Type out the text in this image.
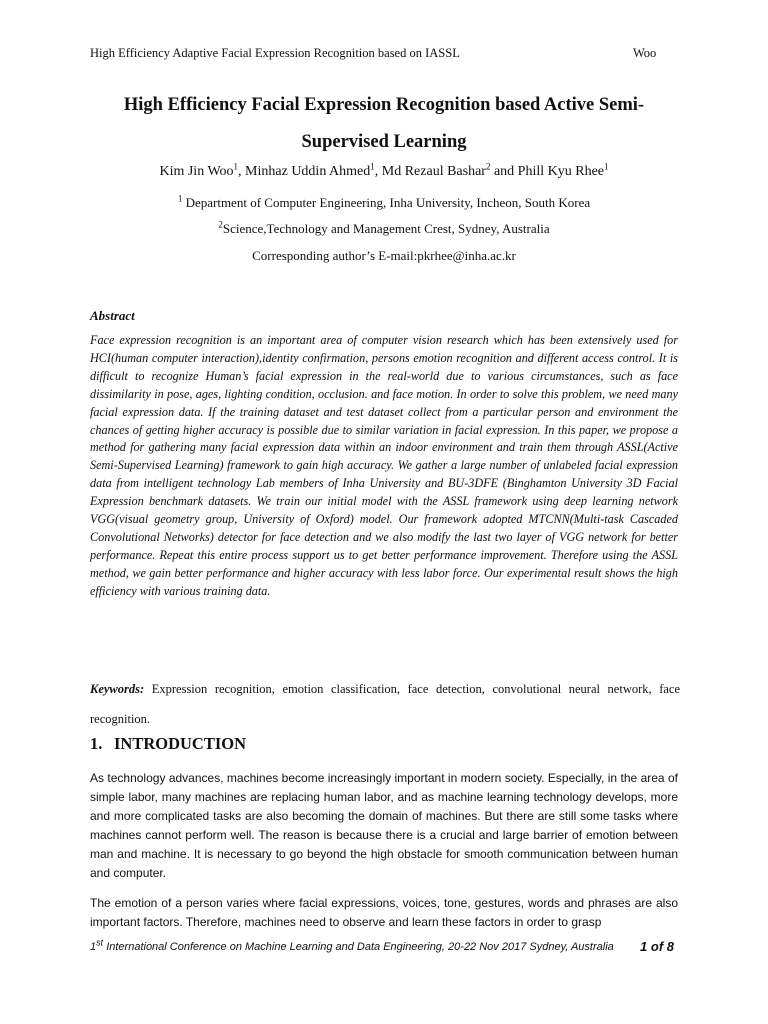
High Efficiency Adaptive Facial Expression Recognition based on IASSL	Woo
High Efficiency Facial Expression Recognition based Active Semi-
Supervised Learning
Kim Jin Woo$^1$, Minhaz Uddin Ahmed$^1$, Md Rezaul Bashar$^2$ and Phill Kyu Rhee$^1$
$^1$ Department of Computer Engineering, Inha University, Incheon, South Korea
$^2$Science,Technology and Management Crest, Sydney, Australia
Corresponding author’s E-mail:pkrhee@inha.ac.kr
Abstract
Face expression recognition is an important area of computer vision research which has been extensively used for HCI(human computer interaction),identity confirmation, persons emotion recognition and different access control. It is difficult to recognize Human’s facial expression in the real-world due to various circumstances, such as face dissimilarity in pose, ages, lighting condition, occlusion. and face motion. In order to solve this problem, we need many facial expression data. If the training dataset and test dataset collect from a particular person and environment the chances of getting higher accuracy is possible due to similar variation in facial expression. In this paper, we propose a method for gathering many facial expression data within an indoor environment and train them through ASSL(Active Semi-Supervised Learning) framework to gain high accuracy. We gather a large number of unlabeled facial expression data from intelligent technology Lab members of Inha University and BU-3DFE (Binghamton University 3D Facial Expression benchmark datasets. We train our initial model with the ASSL framework using deep learning network VGG(visual geometry group, University of Oxford) model. Our framework adopted MTCNN(Multi-task Cascaded Convolutional Networks) detector for face detection and we also modify the last two layer of VGG network for better performance. Repeat this entire process support us to get better performance improvement. Therefore using the ASSL method, we gain better performance and higher accuracy with less labor force. Our experimental result shows the high efficiency with various training data.
Keywords: Expression recognition, emotion classification, face detection, convolutional neural network, face recognition.
1. INTRODUCTION
As technology advances, machines become increasingly important in modern society. Especially, in the area of simple labor, many machines are replacing human labor, and as machine learning technology develops, more and more complicated tasks are also becoming the domain of machines. But there are still some tasks where machines cannot perform well. The reason is because there is a crucial and large barrier of emotion between man and machine. It is necessary to go beyond the high obstacle for smooth communication between human and computer.
The emotion of a person varies where facial expressions, voices, tone, gestures, words and phrases are also important factors. Therefore, machines need to observe and learn these factors in order to grasp
1st International Conference on Machine Learning and Data Engineering, 20-22 Nov 2017 Sydney, Australia 1 of 8
